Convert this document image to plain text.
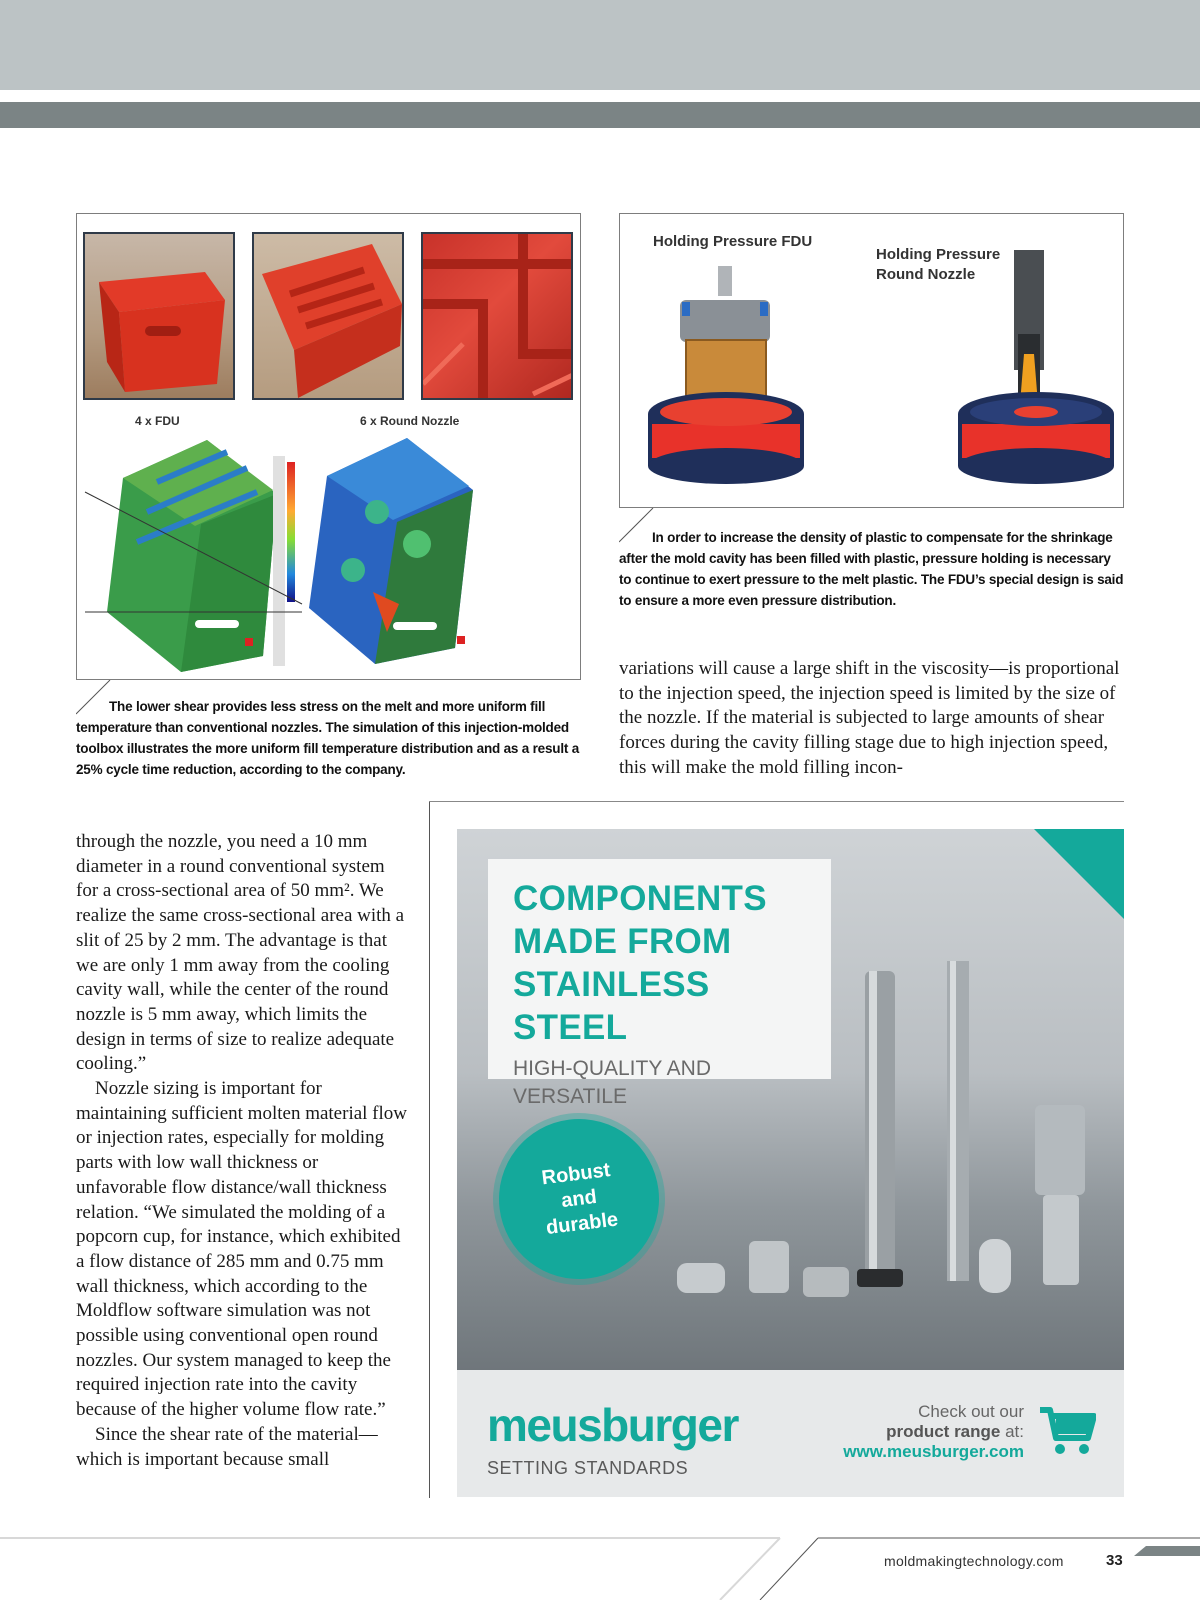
4 x FDU	6 x Round Nozzle
The lower shear provides less stress on the melt and more uniform fill temperature than conventional nozzles. The simulation of this injection-molded toolbox illustrates the more uniform fill temperature distribution and as a result a 25% cycle time reduction, according to the company.
Holding Pressure FDU
Holding Pressure
Round Nozzle
In order to increase the density of plastic to compensate for the shrinkage after the mold cavity has been filled with plastic, pressure holding is necessary to continue to exert pressure to the melt plastic. The FDU’s special design is said to ensure a more even pressure distribution.
variations will cause a large shift in the viscosity—is proportional to the injection speed, the injection speed is limited by the size of the nozzle. If the material is subjected to large amounts of shear forces during the cavity filling stage due to high injection speed, this will make the mold filling incon-

through the nozzle, you need a 10 mm diameter in a round conventional system for a cross-sectional area of 50 mm². We realize the same cross-sectional area with a slit of 25 by 2 mm. The advantage is that we are only 1 mm away from the cooling cavity wall, while the center of the round nozzle is 5 mm away, which limits the design in terms of size to realize adequate cooling.”

Nozzle sizing is important for maintaining sufficient molten material flow or injection rates, especially for molding parts with low wall thickness or unfavorable flow distance/wall thickness relation. “We simulated the molding of a popcorn cup, for instance, which exhibited a flow distance of 285 mm and 0.75 mm wall thickness, which according to the Moldflow software simulation was not possible using conventional open round nozzles. Our system managed to keep the required injection rate into the cavity because of the higher volume flow rate.”

Since the shear rate of the material—which is important because small

COMPONENTS
MADE FROM
STAINLESS STEEL
HIGH-QUALITY AND
VERSATILE
Robust
and
durable
meusburger
SETTING STANDARDS
Check out our
product range at:
www.meusburger.com
moldmakingtechnology.com	33
